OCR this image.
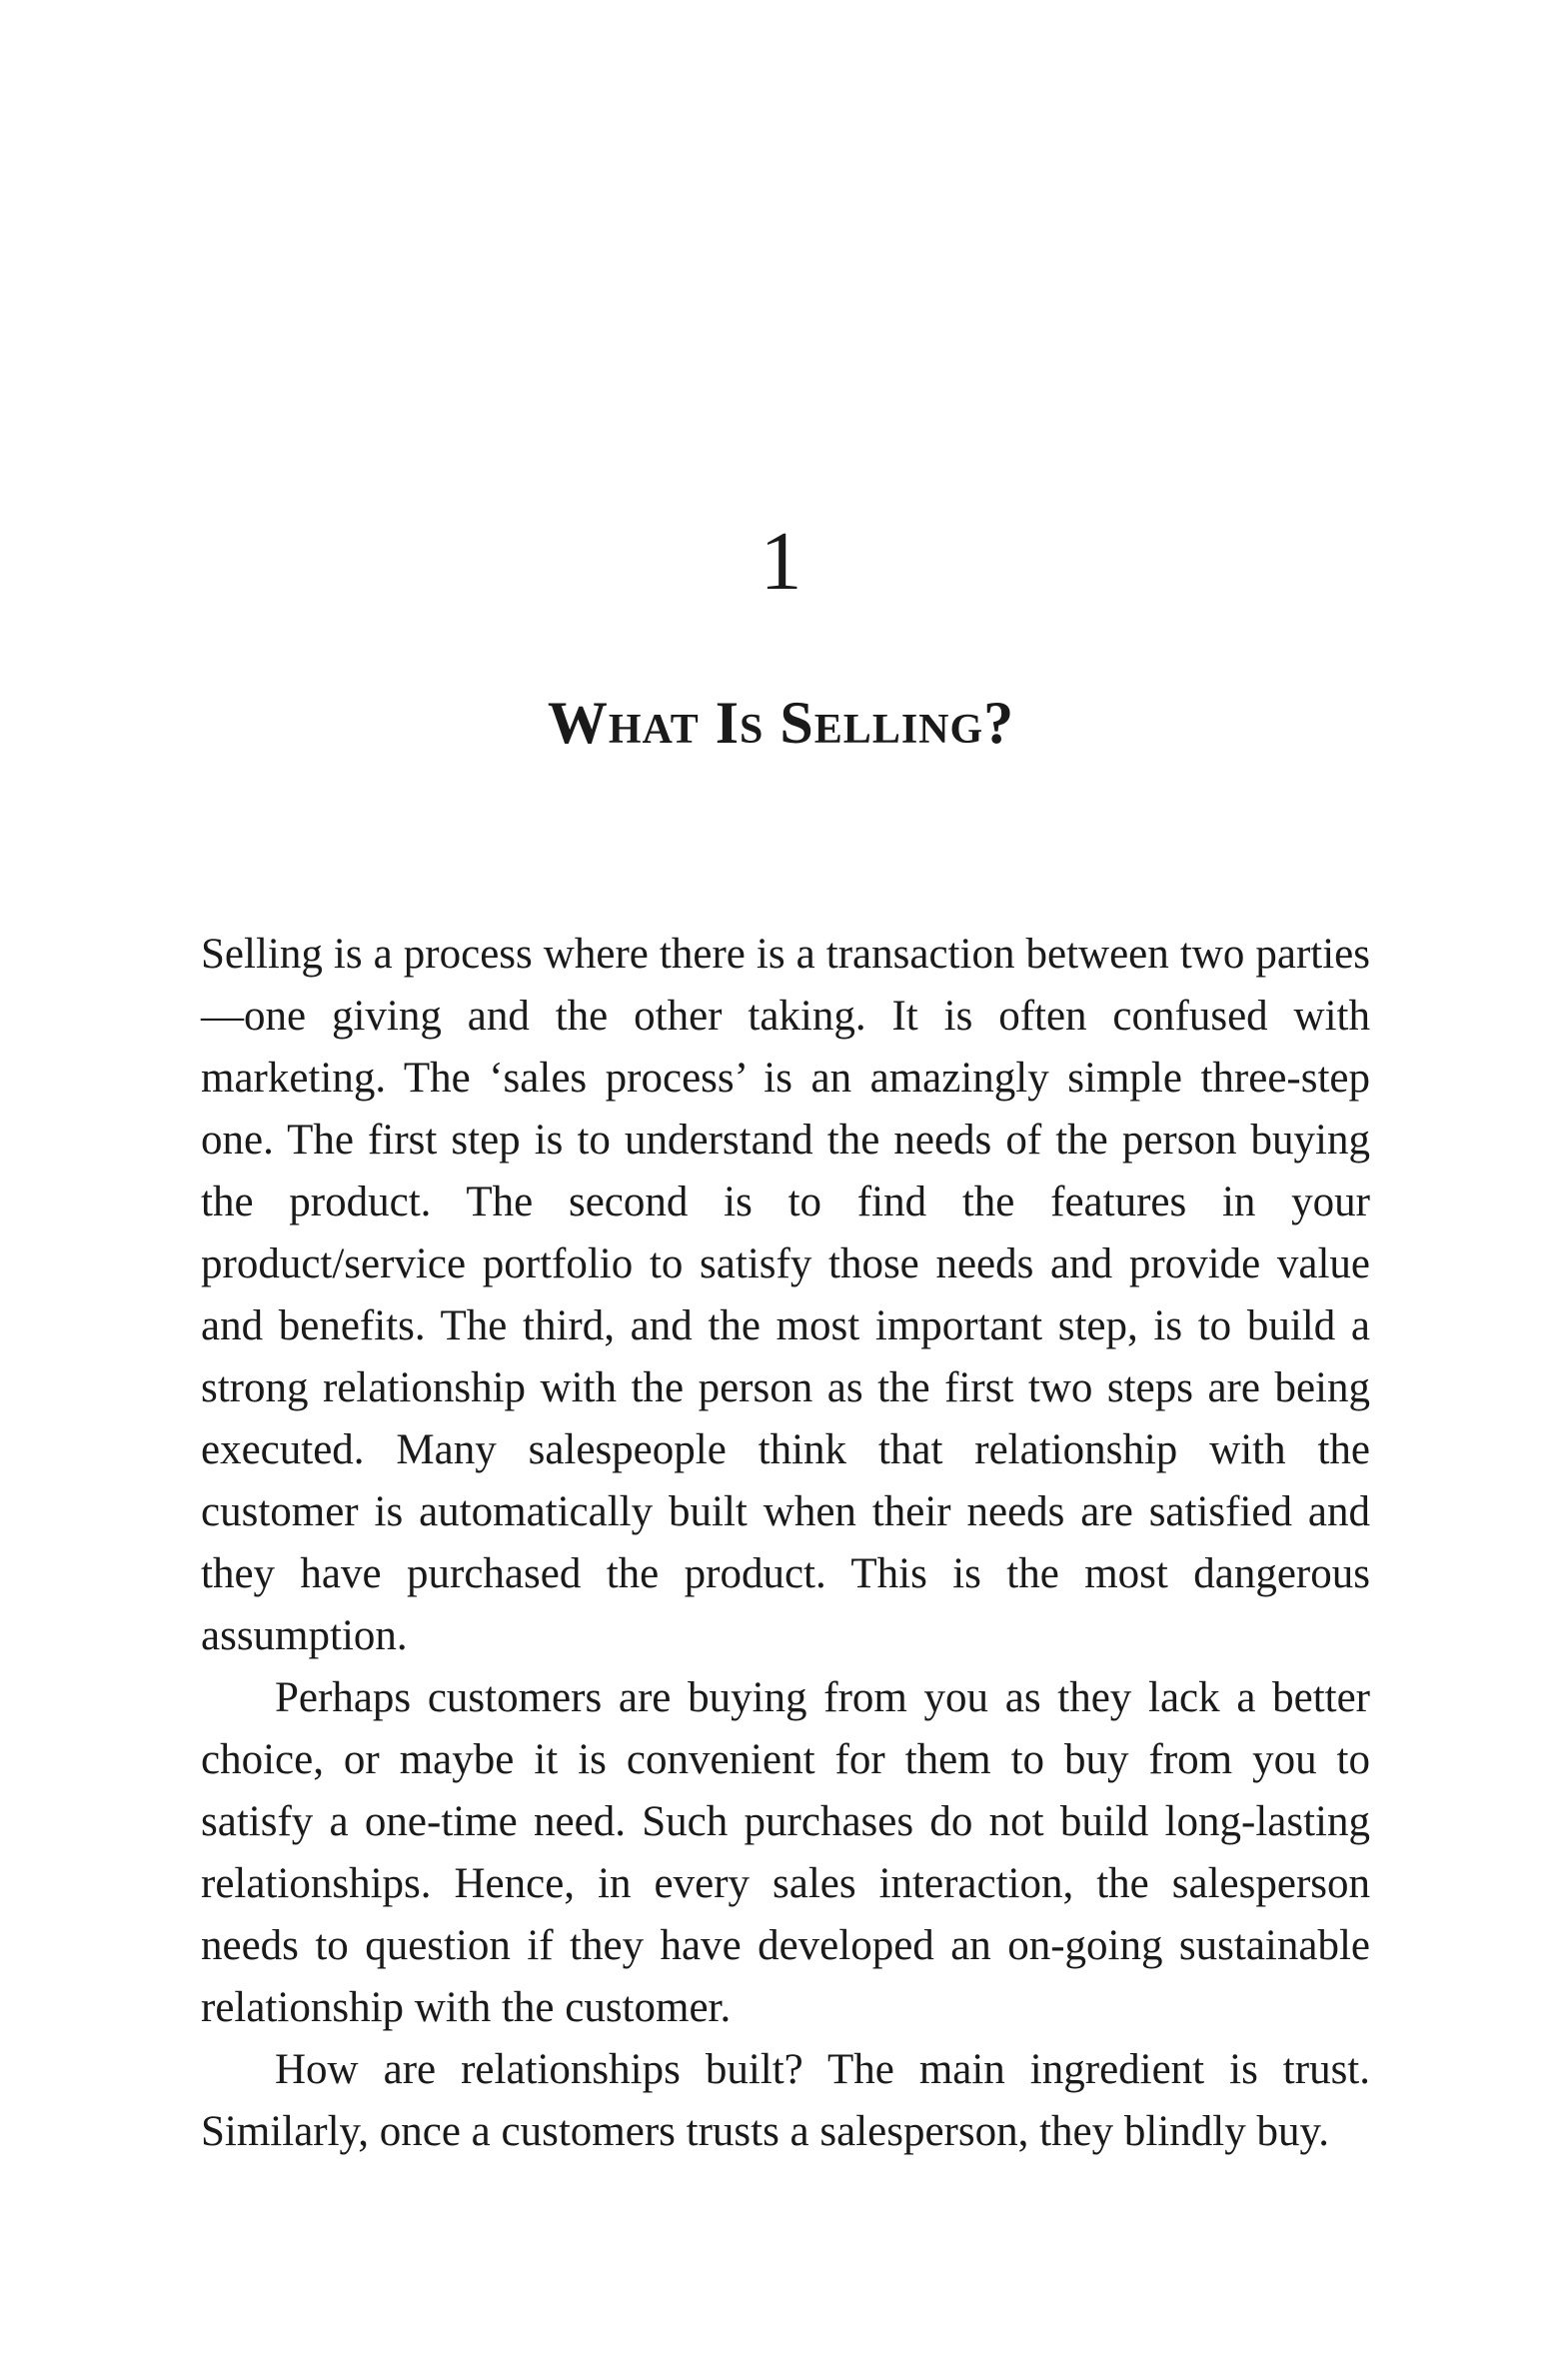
1
What Is Selling?

Selling is a process where there is a transaction between two parties—one giving and the other taking. It is often confused with marketing. The ‘sales process’ is an amazingly simple three-step one. The first step is to understand the needs of the person buying the product. The second is to find the features in your product/service portfolio to satisfy those needs and provide value and benefits. The third, and the most important step, is to build a strong relationship with the person as the first two steps are being executed. Many salespeople think that relationship with the customer is automatically built when their needs are satisfied and they have purchased the product. This is the most dangerous assumption.

Perhaps customers are buying from you as they lack a better choice, or maybe it is convenient for them to buy from you to satisfy a one-time need. Such purchases do not build long-lasting relationships. Hence, in every sales interaction, the salesperson needs to question if they have developed an on-going sustainable relationship with the customer.

How are relationships built? The main ingredient is trust. Similarly, once a customers trusts a salesperson, they blindly buy.
